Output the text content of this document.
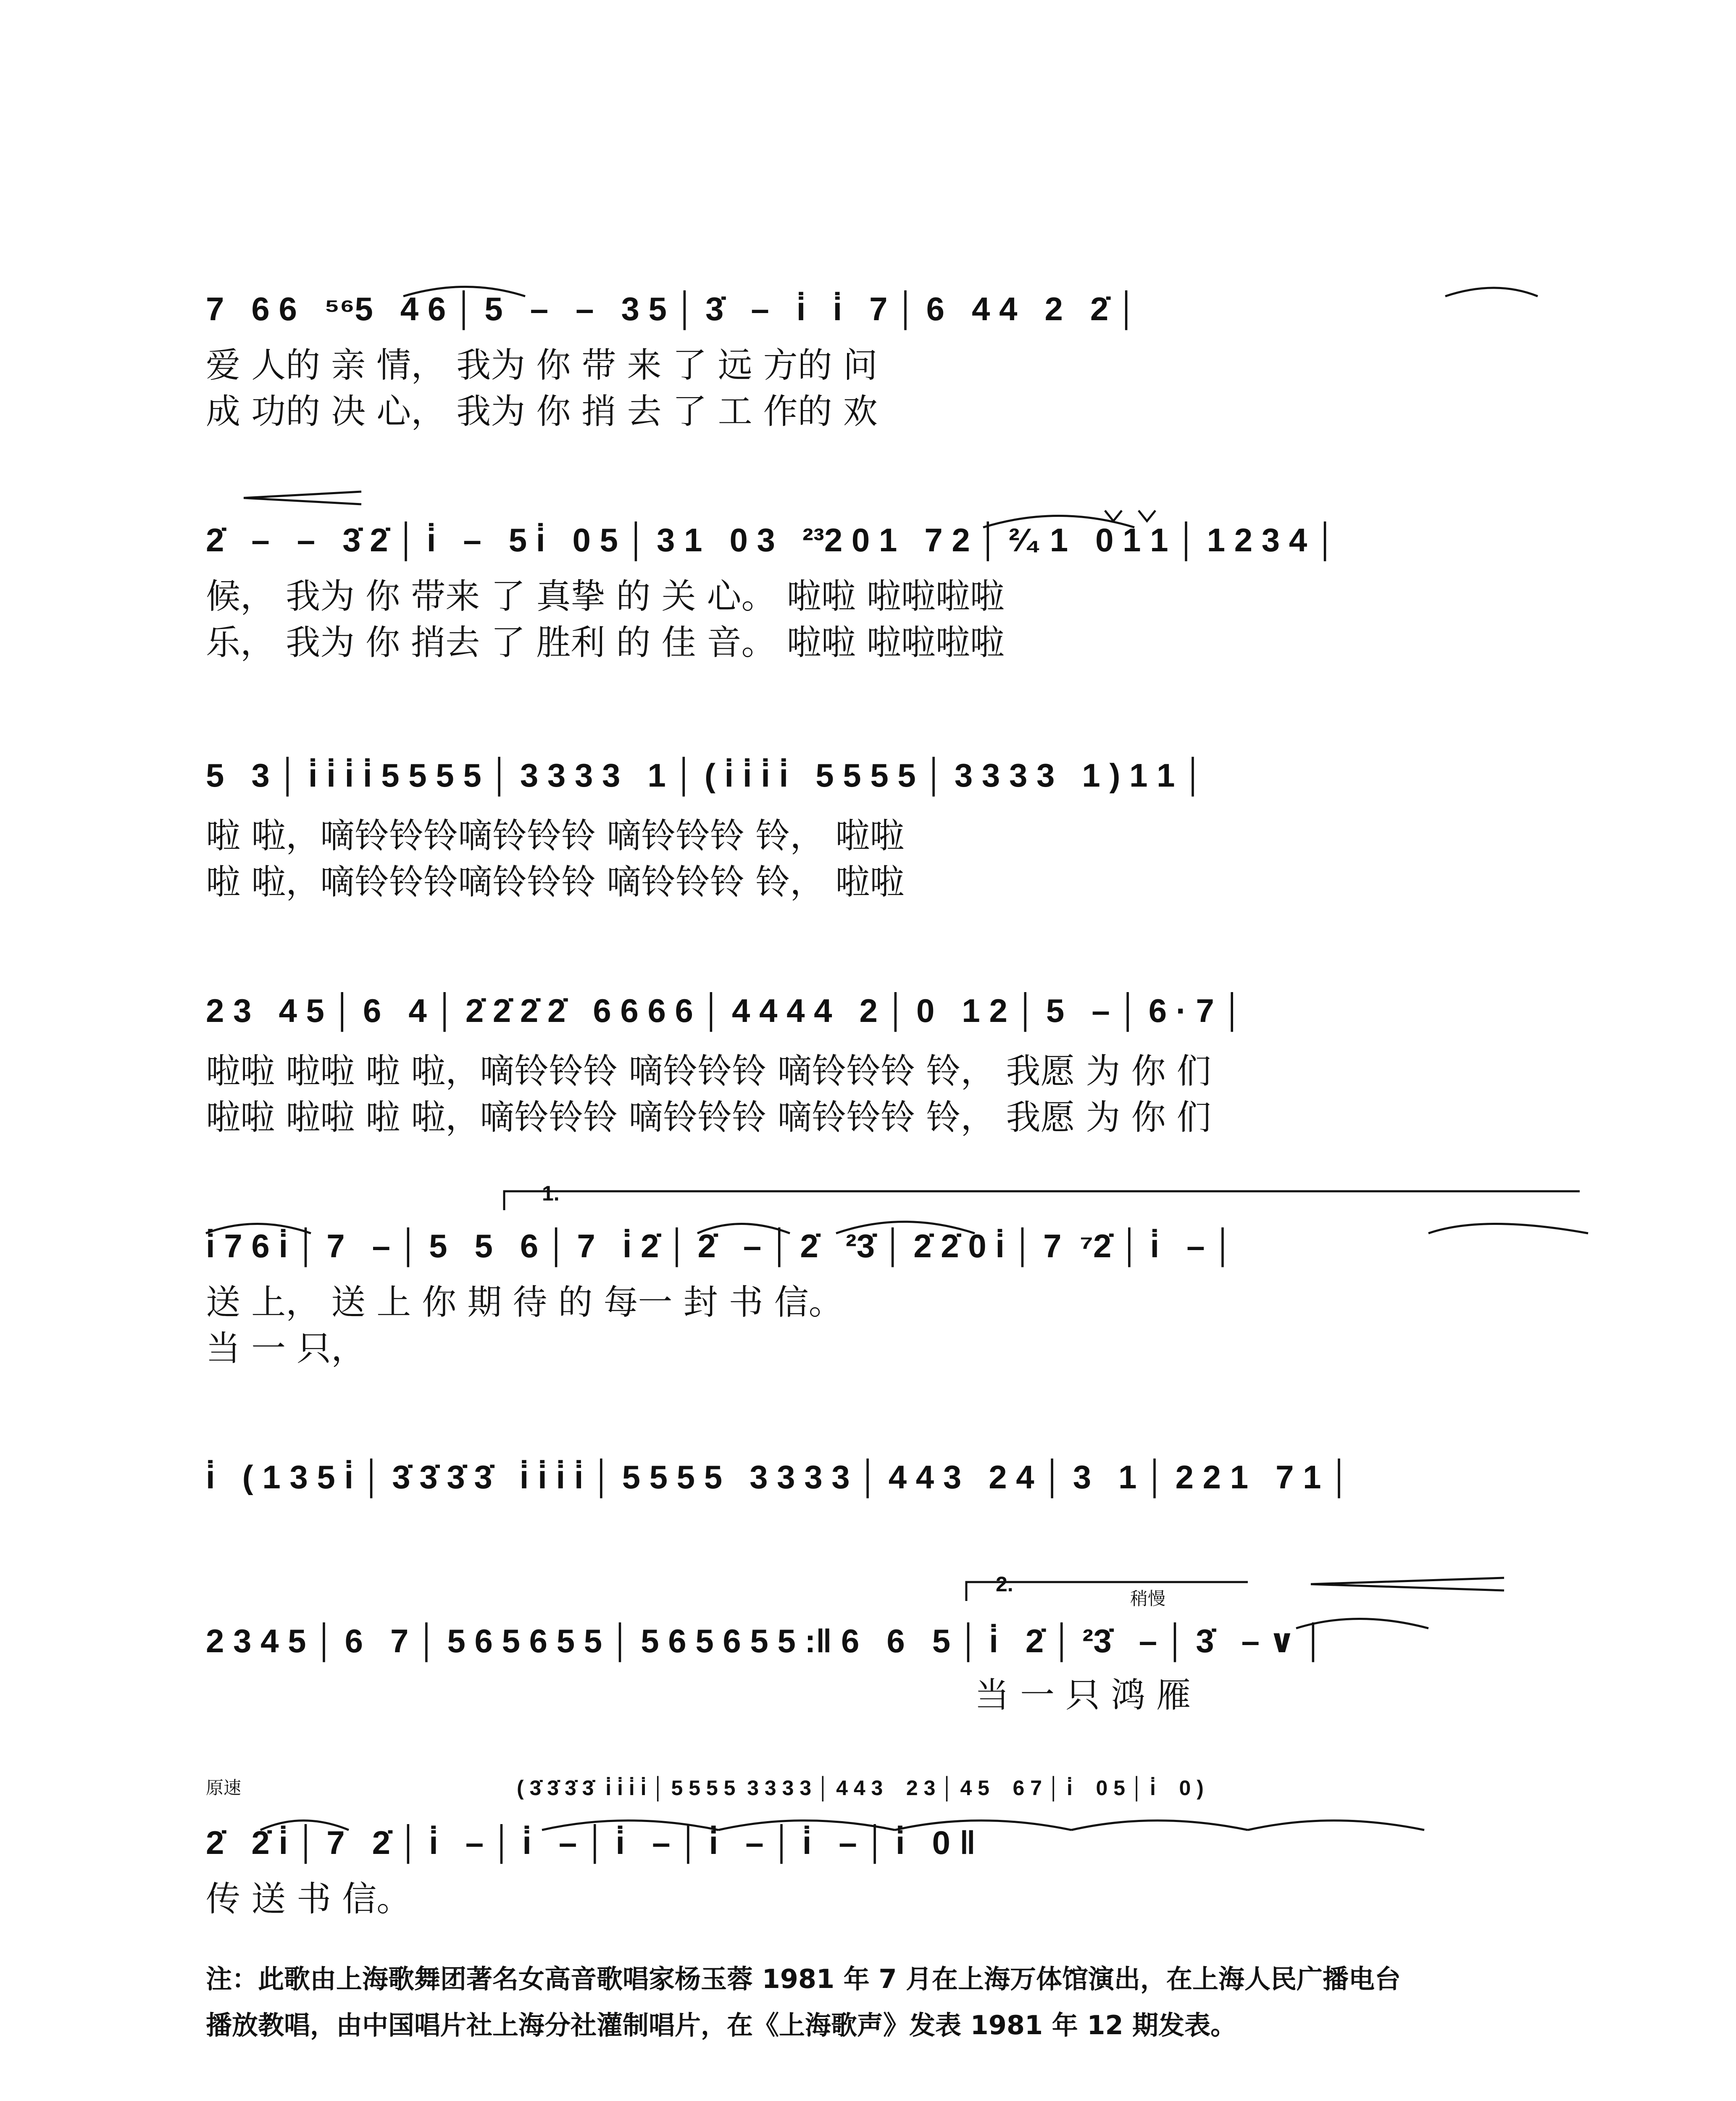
7   6 6   ⁵⁶5   4 6 │ 5   –   –   3 5 │ 3̇   –   i̇   i̇   7 │ 6   4 4   2   2̇ │
爱 人的 亲 情， 我为 你 带 来 了 远 方的 问
成 功的 决 心， 我为 你 捎 去 了 工 作的 欢
2̇   –   –   3̇ 2̇ │ i̇   –   5 i̇   0 5 │ 3 1   0 3   ²³2 0 1   7 2 │ ²⁄₄ 1   0 1 1 │ 1 2 3 4 │
候， 我为 你 带来 了 真挚 的 关 心。 啦啦 啦啦啦啦
乐， 我为 你 捎去 了 胜利 的 佳 音。 啦啦 啦啦啦啦
5   3 │ i̇ i̇ i̇ i̇ 5 5 5 5 │ 3 3 3 3   1 │ ( i̇ i̇ i̇ i̇   5 5 5 5 │ 3 3 3 3   1 ) 1 1 │
啦 啦，嘀铃铃铃嘀铃铃铃 嘀铃铃铃 铃， 啦啦
啦 啦，嘀铃铃铃嘀铃铃铃 嘀铃铃铃 铃， 啦啦
2 3   4 5 │ 6   4 │ 2̇ 2̇ 2̇ 2̇   6 6 6 6 │ 4 4 4 4   2 │ 0   1 2 │ 5   – │ 6 · 7 │
啦啦 啦啦 啦 啦，嘀铃铃铃 嘀铃铃铃 嘀铃铃铃 铃， 我愿 为 你 们
啦啦 啦啦 啦 啦，嘀铃铃铃 嘀铃铃铃 嘀铃铃铃 铃， 我愿 为 你 们
1.
i̇ 7 6 i̇ │ 7   – │ 5   5   6 │ 7   i̇ 2̇ │ 2̇   – │ 2̇   ²3̇ │ 2̇ 2̇ 0 i̇ │ 7  ⁷2̇ │ i̇   – │
送 上， 送 上 你 期 待 的 每一 封 书 信。
当 一 只，
i̇   ( 1 3 5 i̇ │ 3̇ 3̇ 3̇ 3̇   i̇ i̇ i̇ i̇ │ 5 5 5 5   3 3 3 3 │ 4 4 3   2 4 │ 3   1 │ 2 2 1   7 1 │
2.
稍慢
2 3 4 5 │ 6   7 │ 5 6 5 6 5 5 │ 5 6 5 6 5 5 :‖ 6   6   5 │ i̇   2̇ │ ²3̇   – │ 3̇   – ∨ │
当 一 只 鸿 雁
原速	( 3̇ 3̇ 3̇ 3̇  i̇ i̇ i̇ i̇ │ 5 5 5 5  3 3 3 3 │ 4 4 3    2 3 │ 4 5    6 7 │ i̇    0 5 │ i̇    0 )
2̇   2̇ i̇ │ 7   2̇ │ i̇   – │ i̇   – │ i̇   – │ i̇   – │ i̇   – │ i̇   0 ‖
传 送 书 信。
注：此歌由上海歌舞团著名女高音歌唱家杨玉蓉 1981 年 7 月在上海万体馆演出，在上海人民广播电台
播放教唱，由中国唱片社上海分社灌制唱片，在《上海歌声》发表 1981 年 12 期发表。
